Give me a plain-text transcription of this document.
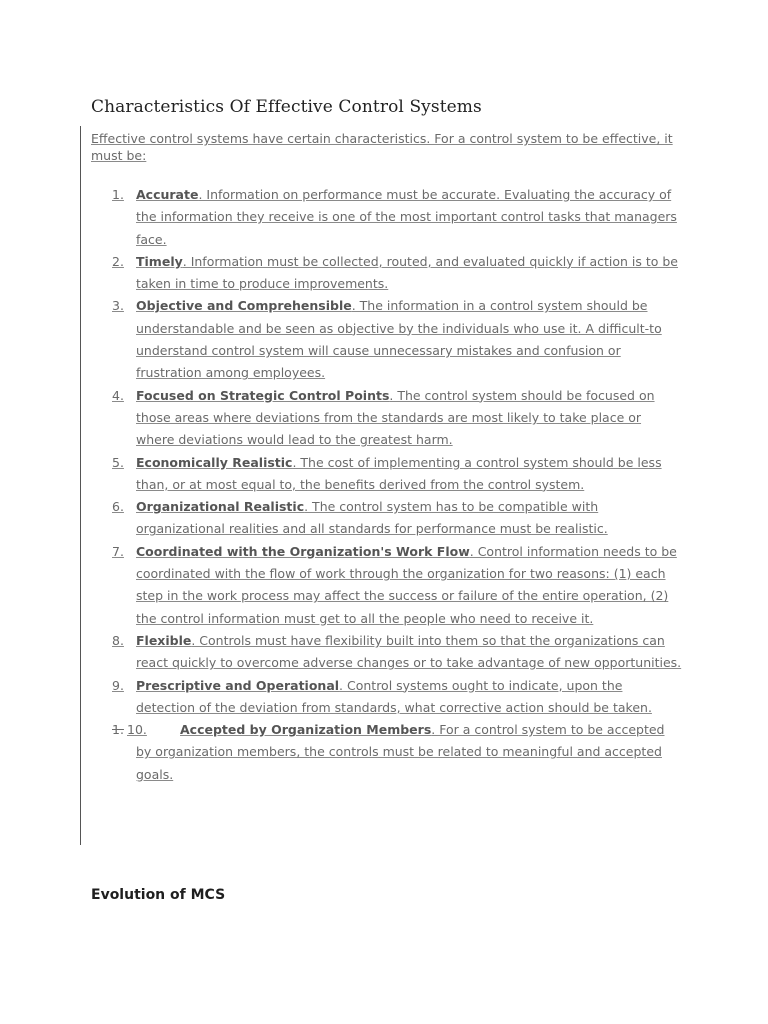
Characteristics Of Effective Control Systems

Effective control systems have certain characteristics. For a control system to be effective, it must be:

1. Accurate. Information on performance must be accurate. Evaluating the accuracy of the information they receive is one of the most important control tasks that managers face.
2. Timely. Information must be collected, routed, and evaluated quickly if action is to be taken in time to produce improvements.
3. Objective and Comprehensible. The information in a control system should be understandable and be seen as objective by the individuals who use it. A difficult-to understand control system will cause unnecessary mistakes and confusion or frustration among employees.
4. Focused on Strategic Control Points. The control system should be focused on those areas where deviations from the standards are most likely to take place or where deviations would lead to the greatest harm.
5. Economically Realistic. The cost of implementing a control system should be less than, or at most equal to, the benefits derived from the control system.
6. Organizational Realistic. The control system has to be compatible with organizational realities and all standards for performance must be realistic.
7. Coordinated with the Organization's Work Flow. Control information needs to be coordinated with the flow of work through the organization for two reasons: (1) each step in the work process may affect the success or failure of the entire operation, (2) the control information must get to all the people who need to receive it.
8. Flexible. Controls must have flexibility built into them so that the organizations can react quickly to overcome adverse changes or to take advantage of new opportunities.
9. Prescriptive and Operational. Control systems ought to indicate, upon the detection of the deviation from standards, what corrective action should be taken.
1. 10.	Accepted by Organization Members. For a control system to be accepted
by organization members, the controls must be related to meaningful and accepted goals.
Evolution of MCS
